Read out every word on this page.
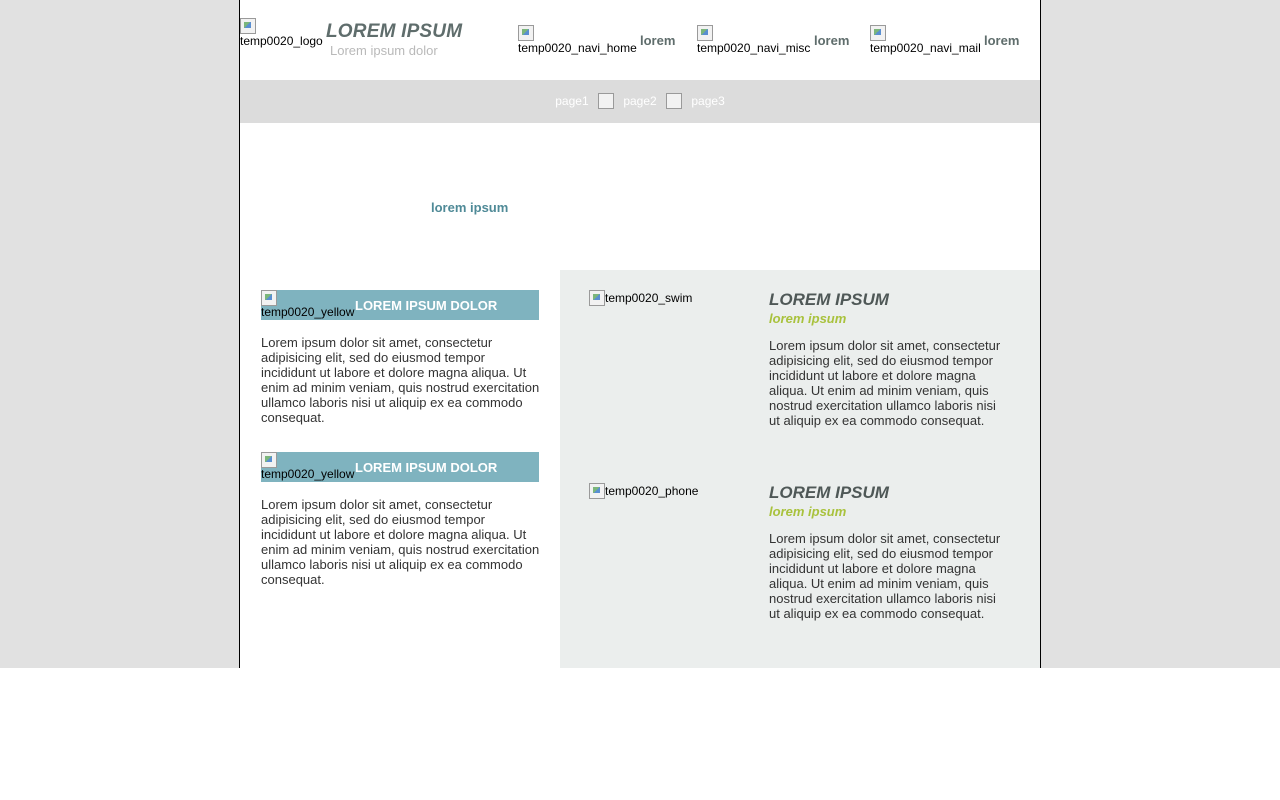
temp0020_logo LOREM IPSUM
Lorem ipsum dolor	temp0020_navi_home lorem temp0020_navi_misc lorem temp0020_navi_mail lorem
page1	page2	page3
lorem ipsum
temp0020_yellow LOREM IPSUM DOLOR
Lorem ipsum dolor sit amet, consectetur adipisicing elit, sed do eiusmod tempor incididunt ut labore et dolore magna aliqua. Ut enim ad minim veniam, quis nostrud exercitation ullamco laboris nisi ut aliquip ex ea commodo consequat.
temp0020_yellow LOREM IPSUM DOLOR
Lorem ipsum dolor sit amet, consectetur adipisicing elit, sed do eiusmod tempor incididunt ut labore et dolore magna aliqua. Ut enim ad minim veniam, quis nostrud exercitation ullamco laboris nisi ut aliquip ex ea commodo consequat.
temp0020_swim	LOREM IPSUM
lorem ipsum
Lorem ipsum dolor sit amet, consectetur adipisicing elit, sed do eiusmod tempor incididunt ut labore et dolore magna aliqua. Ut enim ad minim veniam, quis nostrud exercitation ullamco laboris nisi ut aliquip ex ea commodo consequat.
temp0020_phone	LOREM IPSUM
lorem ipsum
Lorem ipsum dolor sit amet, consectetur adipisicing elit, sed do eiusmod tempor incididunt ut labore et dolore magna aliqua. Ut enim ad minim veniam, quis nostrud exercitation ullamco laboris nisi ut aliquip ex ea commodo consequat.
